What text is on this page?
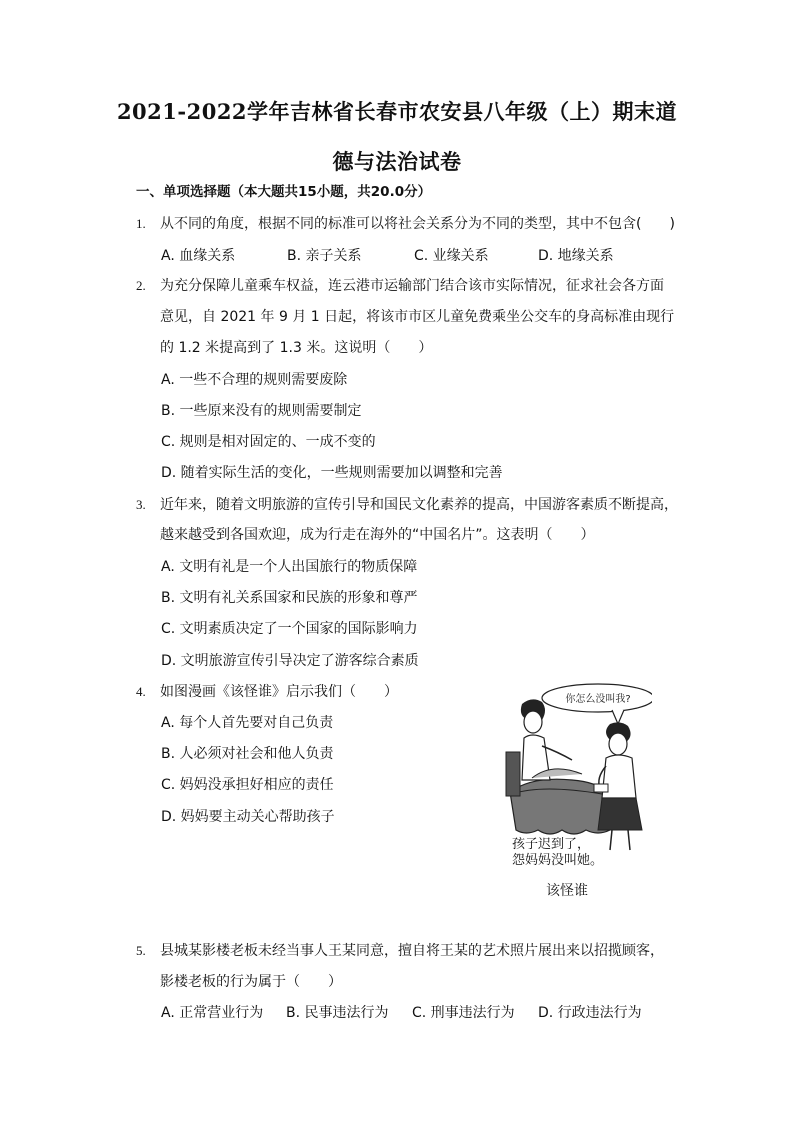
2021-2022学年吉林省长春市农安县八年级（上）期末道
德与法治试卷
一、单项选择题（本大题共15小题，共20.0分）
1. 从不同的角度，根据不同的标准可以将社会关系分为不同的类型，其中不包含(　　)
A. 血缘关系	B. 亲子关系	C. 业缘关系	D. 地缘关系
2. 为充分保障儿童乘车权益，连云港市运输部门结合该市实际情况，征求社会各方面
意见，自 2021 年 9 月 1 日起，将该市市区儿童免费乘坐公交车的身高标准由现行
的 1.2 米提高到了 1.3 米。这说明（　　）
A. 一些不合理的规则需要废除
B. 一些原来没有的规则需要制定
C. 规则是相对固定的、一成不变的
D. 随着实际生活的变化，一些规则需要加以调整和完善
3. 近年来，随着文明旅游的宣传引导和国民文化素养的提高，中国游客素质不断提高，
越来越受到各国欢迎，成为行走在海外的“中国名片”。这表明（　　）
A. 文明有礼是一个人出国旅行的物质保障
B. 文明有礼关系国家和民族的形象和尊严
C. 文明素质决定了一个国家的国际影响力
D. 文明旅游宣传引导决定了游客综合素质
4. 如图漫画《该怪谁》启示我们（　　）
A. 每个人首先要对自己负责
B. 人必须对社会和他人负责
C. 妈妈没承担好相应的责任
D. 妈妈要主动关心帮助孩子
你怎么没叫我?
孩子迟到了，
怨妈妈没叫她。
该怪谁
5. 县城某影楼老板未经当事人王某同意，擅自将王某的艺术照片展出来以招揽顾客，
影楼老板的行为属于（　　）
A. 正常营业行为 B. 民事违法行为 C. 刑事违法行为 D. 行政违法行为
